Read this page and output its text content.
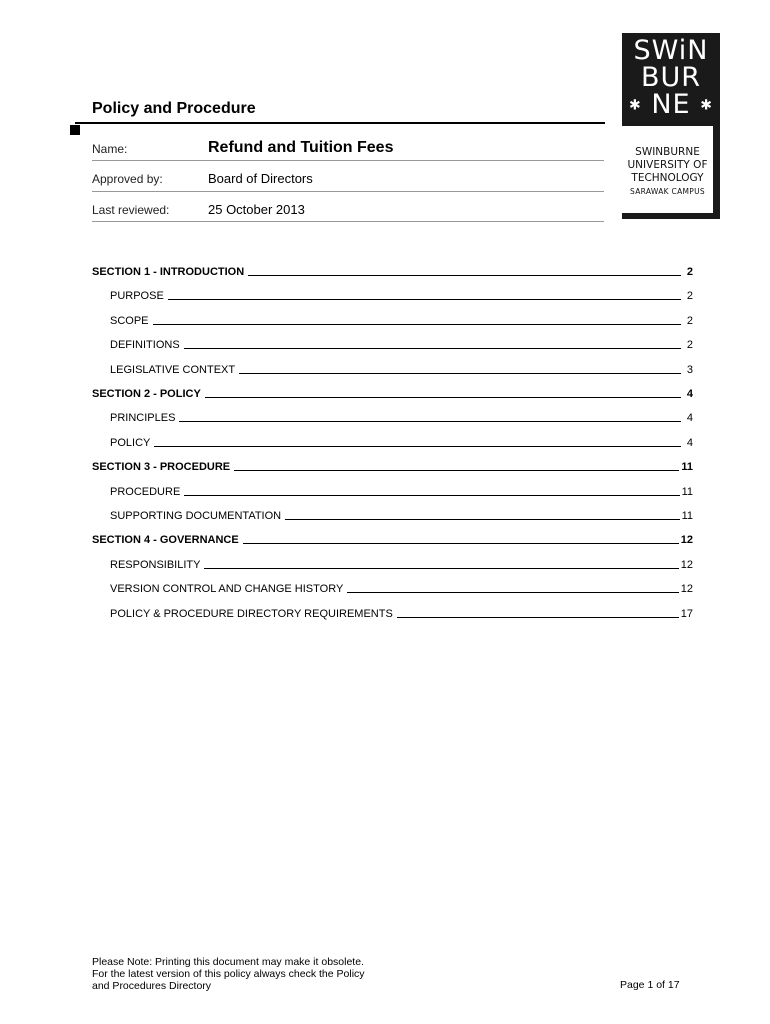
Policy and Procedure
Name:	Refund and Tuition Fees
Approved by:	Board of Directors
Last reviewed:	25 October 2013
SWiN
BUR
✱ NE ✱
SWINBURNE
UNIVERSITY OF
TECHNOLOGY
SARAWAK CAMPUS
SECTION 1 - INTRODUCTION	2
PURPOSE	2
SCOPE	2
DEFINITIONS	2
LEGISLATIVE CONTEXT	3
SECTION 2 - POLICY	4
PRINCIPLES	4
POLICY	4
SECTION 3 - PROCEDURE	11
PROCEDURE	11
SUPPORTING DOCUMENTATION	11
SECTION 4 - GOVERNANCE	12
RESPONSIBILITY	12
VERSION CONTROL AND CHANGE HISTORY	12
POLICY & PROCEDURE DIRECTORY REQUIREMENTS	17
Please Note: Printing this document may make it obsolete.
For the latest version of this policy always check the Policy
and Procedures Directory	Page 1 of 17
